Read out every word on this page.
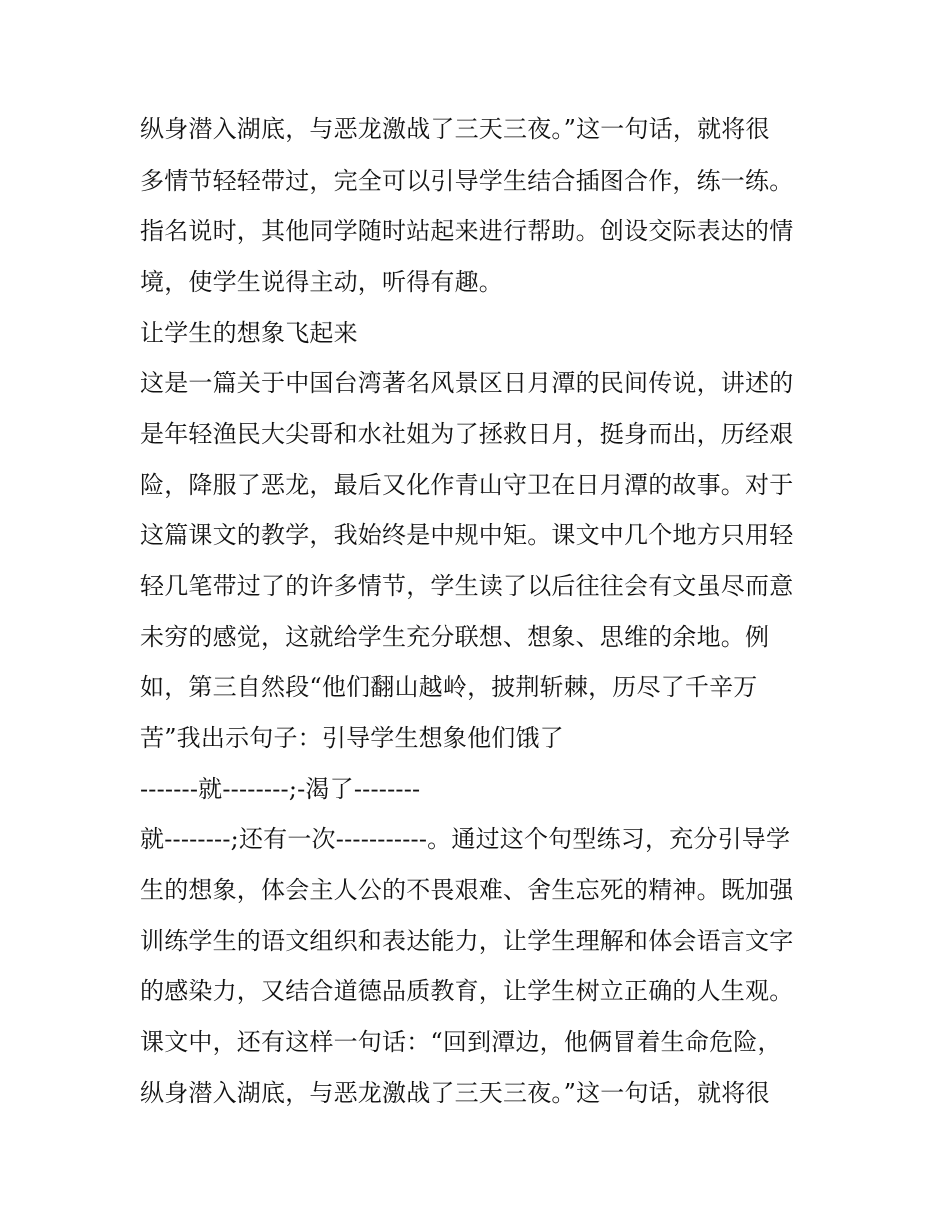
纵身潜入湖底，与恶龙激战了三天三夜。”这一句话，就将很
多情节轻轻带过，完全可以引导学生结合插图合作，练一练。
指名说时，其他同学随时站起来进行帮助。创设交际表达的情
境，使学生说得主动，听得有趣。
让学生的想象飞起来
这是一篇关于中国台湾著名风景区日月潭的民间传说，讲述的
是年轻渔民大尖哥和水社姐为了拯救日月，挺身而出，历经艰
险，降服了恶龙，最后又化作青山守卫在日月潭的故事。对于
这篇课文的教学，我始终是中规中矩。课文中几个地方只用轻
轻几笔带过了的许多情节，学生读了以后往往会有文虽尽而意
未穷的感觉，这就给学生充分联想、想象、思维的余地。例
如，第三自然段“他们翻山越岭，披荆斩棘，历尽了千辛万
苦”我出示句子：引导学生想象他们饿了
-------就--------;-渴了--------
就--------;还有一次-----------。通过这个句型练习，充分引导学
生的想象，体会主人公的不畏艰难、舍生忘死的精神。既加强
训练学生的语文组织和表达能力，让学生理解和体会语言文字
的感染力，又结合道德品质教育，让学生树立正确的人生观。
课文中，还有这样一句话：“回到潭边，他俩冒着生命危险，
纵身潜入湖底，与恶龙激战了三天三夜。”这一句话，就将很
